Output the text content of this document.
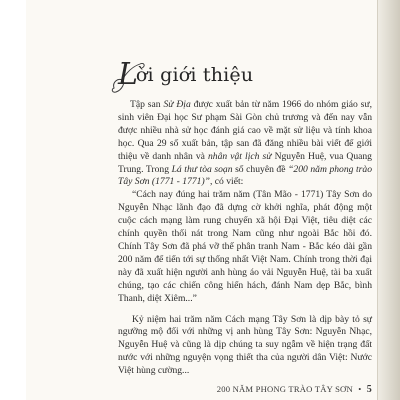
L
ời giới thiệu

Tập san Sử Địa được xuất bản từ năm 1966 do nhóm giáo sư, sinh viên Đại học Sư phạm Sài Gòn chủ trương và đến nay vẫn được nhiều nhà sử học đánh giá cao về mặt sử liệu và tính khoa học. Qua 29 số xuất bản, tập san đã đăng nhiều bài viết để giới thiệu về danh nhân và nhân vật lịch sử Nguyễn Huệ, vua Quang Trung. Trong Lá thư tòa soạn số chuyên đề “200 năm phong trào Tây Sơn (1771 - 1771)”, có viết:

“Cách nay đúng hai trăm năm (Tân Mão - 1771) Tây Sơn do Nguyễn Nhạc lãnh đạo đã dựng cờ khởi nghĩa, phát động một cuộc cách mạng làm rung chuyển xã hội Đại Việt, tiêu diệt các chính quyền thối nát trong Nam cũng như ngoài Bắc hồi đó. Chính Tây Sơn đã phá vỡ thế phân tranh Nam - Bắc kéo dài gần 200 năm để tiến tới sự thống nhất Việt Nam. Chính trong thời đại này đã xuất hiện người anh hùng áo vải Nguyễn Huệ, tài ba xuất chúng, tạo các chiến công hiển hách, đánh Nam dẹp Bắc, bình Thanh, diệt Xiêm...”

Kỷ niệm hai trăm năm Cách mạng Tây Sơn là dịp bày tỏ sự ngưỡng mộ đối với những vị anh hùng Tây Sơn: Nguyễn Nhạc, Nguyễn Huệ và cũng là dịp chúng ta suy ngẫm về hiện trạng đất nước với những nguyện vọng thiết tha của người dân Việt: Nước Việt hùng cường...

200 NĂM PHONG TRÀO TÂY SƠN • 5
